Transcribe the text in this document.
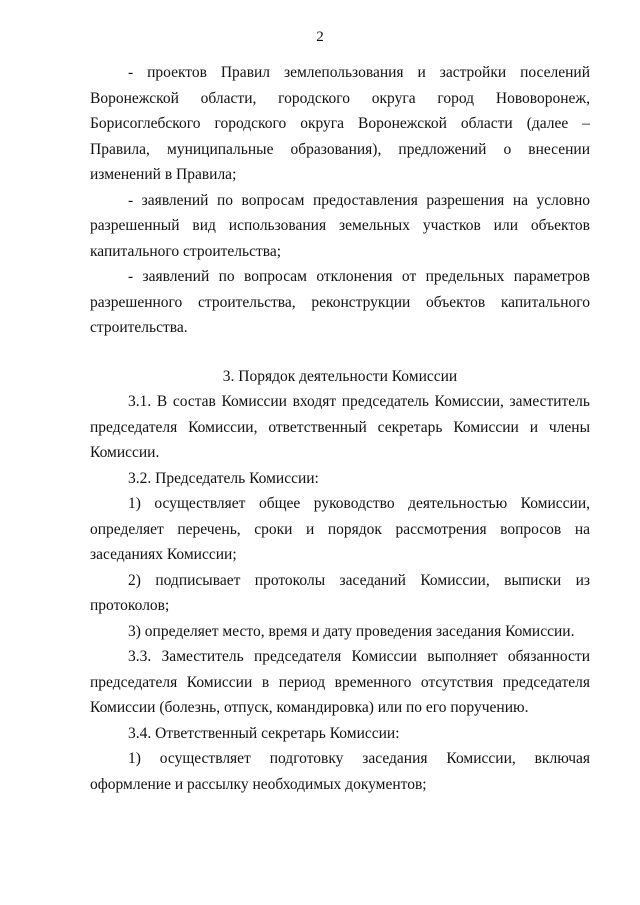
2

- проектов Правил землепользования и застройки поселений Воронежской области, городского округа город Нововоронеж, Борисоглебского городского округа Воронежской области (далее – Правила, муниципальные образования), предложений о внесении изменений в Правила;

- заявлений по вопросам предоставления разрешения на условно разрешенный вид использования земельных участков или объектов капитального строительства;

- заявлений по вопросам отклонения от предельных параметров разрешенного строительства, реконструкции объектов капитального строительства.

3. Порядок деятельности Комиссии

3.1. В состав Комиссии входят председатель Комиссии, заместитель председателя Комиссии, ответственный секретарь Комиссии и члены Комиссии.

3.2. Председатель Комиссии:

1) осуществляет общее руководство деятельностью Комиссии, определяет перечень, сроки и порядок рассмотрения вопросов на заседаниях Комиссии;

2) подписывает протоколы заседаний Комиссии, выписки из протоколов;

3) определяет место, время и дату проведения заседания Комиссии.

3.3. Заместитель председателя Комиссии выполняет обязанности председателя Комиссии в период временного отсутствия председателя Комиссии (болезнь, отпуск, командировка) или по его поручению.

3.4. Ответственный секретарь Комиссии:

1) осуществляет подготовку заседания Комиссии, включая оформление и рассылку необходимых документов;
